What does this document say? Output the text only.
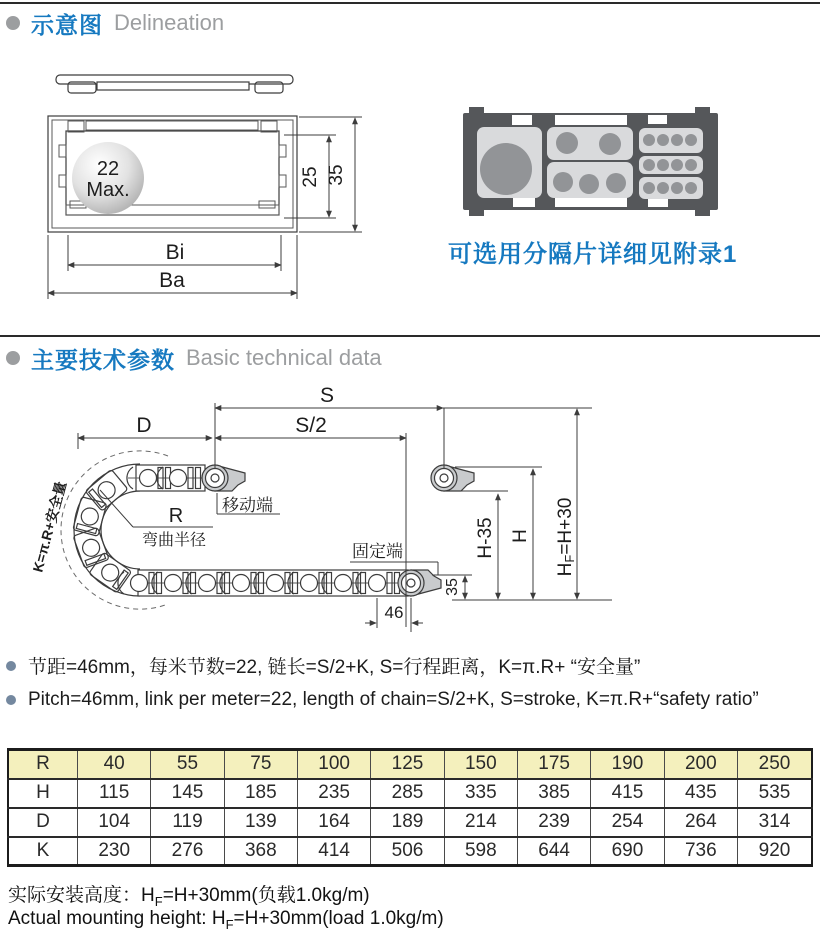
示意图 Delineation
22
Max.
25 35
Bi
Ba
可选用分隔片详细见附录1
主要技术参数 Basic technical data
K=π.R+安全量
S
S/2
D
R
弯曲半径
移动端
固定端	H-35 H
HF=H+30
35
46
节距=46mm，每米节数=22, 链长=S/2+K, S=行程距离，K=π.R+ “安全量”
Pitch=46mm, link per meter=22, length of chain=S/2+K, S=stroke, K=π.R+“safety ratio”
R	40	55	75	100	125	150	175	190	200	250
H	115	145	185	235	285	335	385	415	435	535
D	104	119	139	164	189	214	239	254	264	314
K	230	276	368	414	506	598	644	690	736	920
实际安装高度：$H_F=H+30mm$(负载1.0kg/m)
Actual mounting height: $H_F=H+30mm(load$ 1.0kg/m)
